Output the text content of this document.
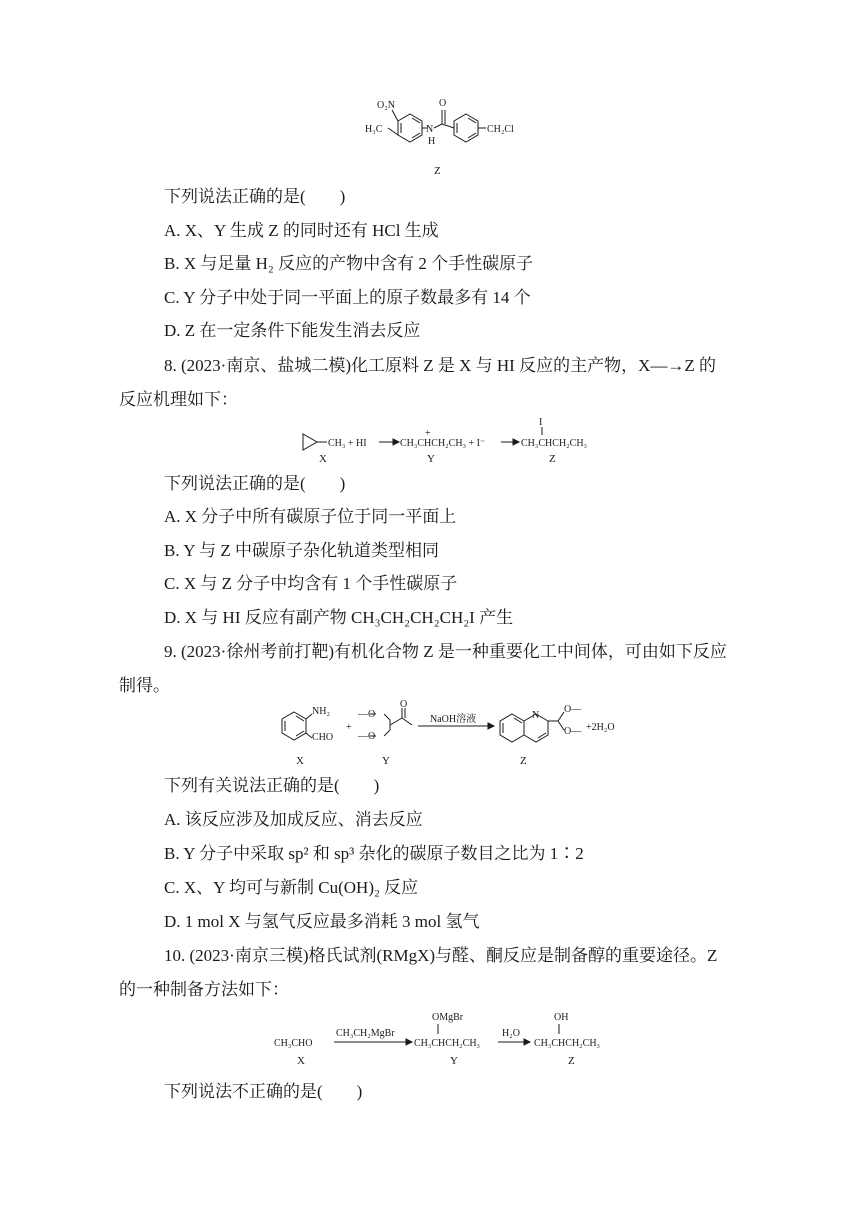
O₂N
H₃C	N
H
O
CH₂Cl
Z
下列说法正确的是(　　)
A. X、Y 生成 Z 的同时还有 HCl 生成
B. X 与足量 H₂ 反应的产物中含有 2 个手性碳原子
C. Y 分子中处于同一平面上的原子数最多有 14 个
D. Z 在一定条件下能发生消去反应
8. (2023·南京、盐城二模)化工原料 Z 是 X 与 HI 反应的主产物，X—→Z 的
反应机理如下：
CH₃ + HI	CH₃CHCH₂CH₃ + I⁻
+
I
CH₃CHCH₂CH₃
X	Y	Z
下列说法正确的是(　　)
A. X 分子中所有碳原子位于同一平面上
B. Y 与 Z 中碳原子杂化轨道类型相同
C. X 与 Z 分子中均含有 1 个手性碳原子
D. X 与 HI 反应有副产物 CH₃CH₂CH₂CH₂I 产生
9. (2023·徐州考前打靶)有机化合物 Z 是一种重要化工中间体，可由如下反应
制得。
NH₂
CHO
+
—O
—O
O
NaOH溶液	N
O—
O— +2H₂O
X	Y	Z
下列有关说法正确的是(　　)
A. 该反应涉及加成反应、消去反应
B. Y 分子中采取 sp² 和 sp³ 杂化的碳原子数目之比为 1∶2
C. X、Y 均可与新制 Cu(OH)₂ 反应
D. 1 mol X 与氢气反应最多消耗 3 mol 氢气
10. (2023·南京三模)格氏试剂(RMgX)与醛、酮反应是制备醇的重要途径。Z
的一种制备方法如下：
CH₃CHO
CH₃CH₂MgBr
OMgBr
CH₃CHCH₂CH₃
H₂O
OH
CH₃CHCH₂CH₃
X	Y	Z
下列说法不正确的是(　　)
